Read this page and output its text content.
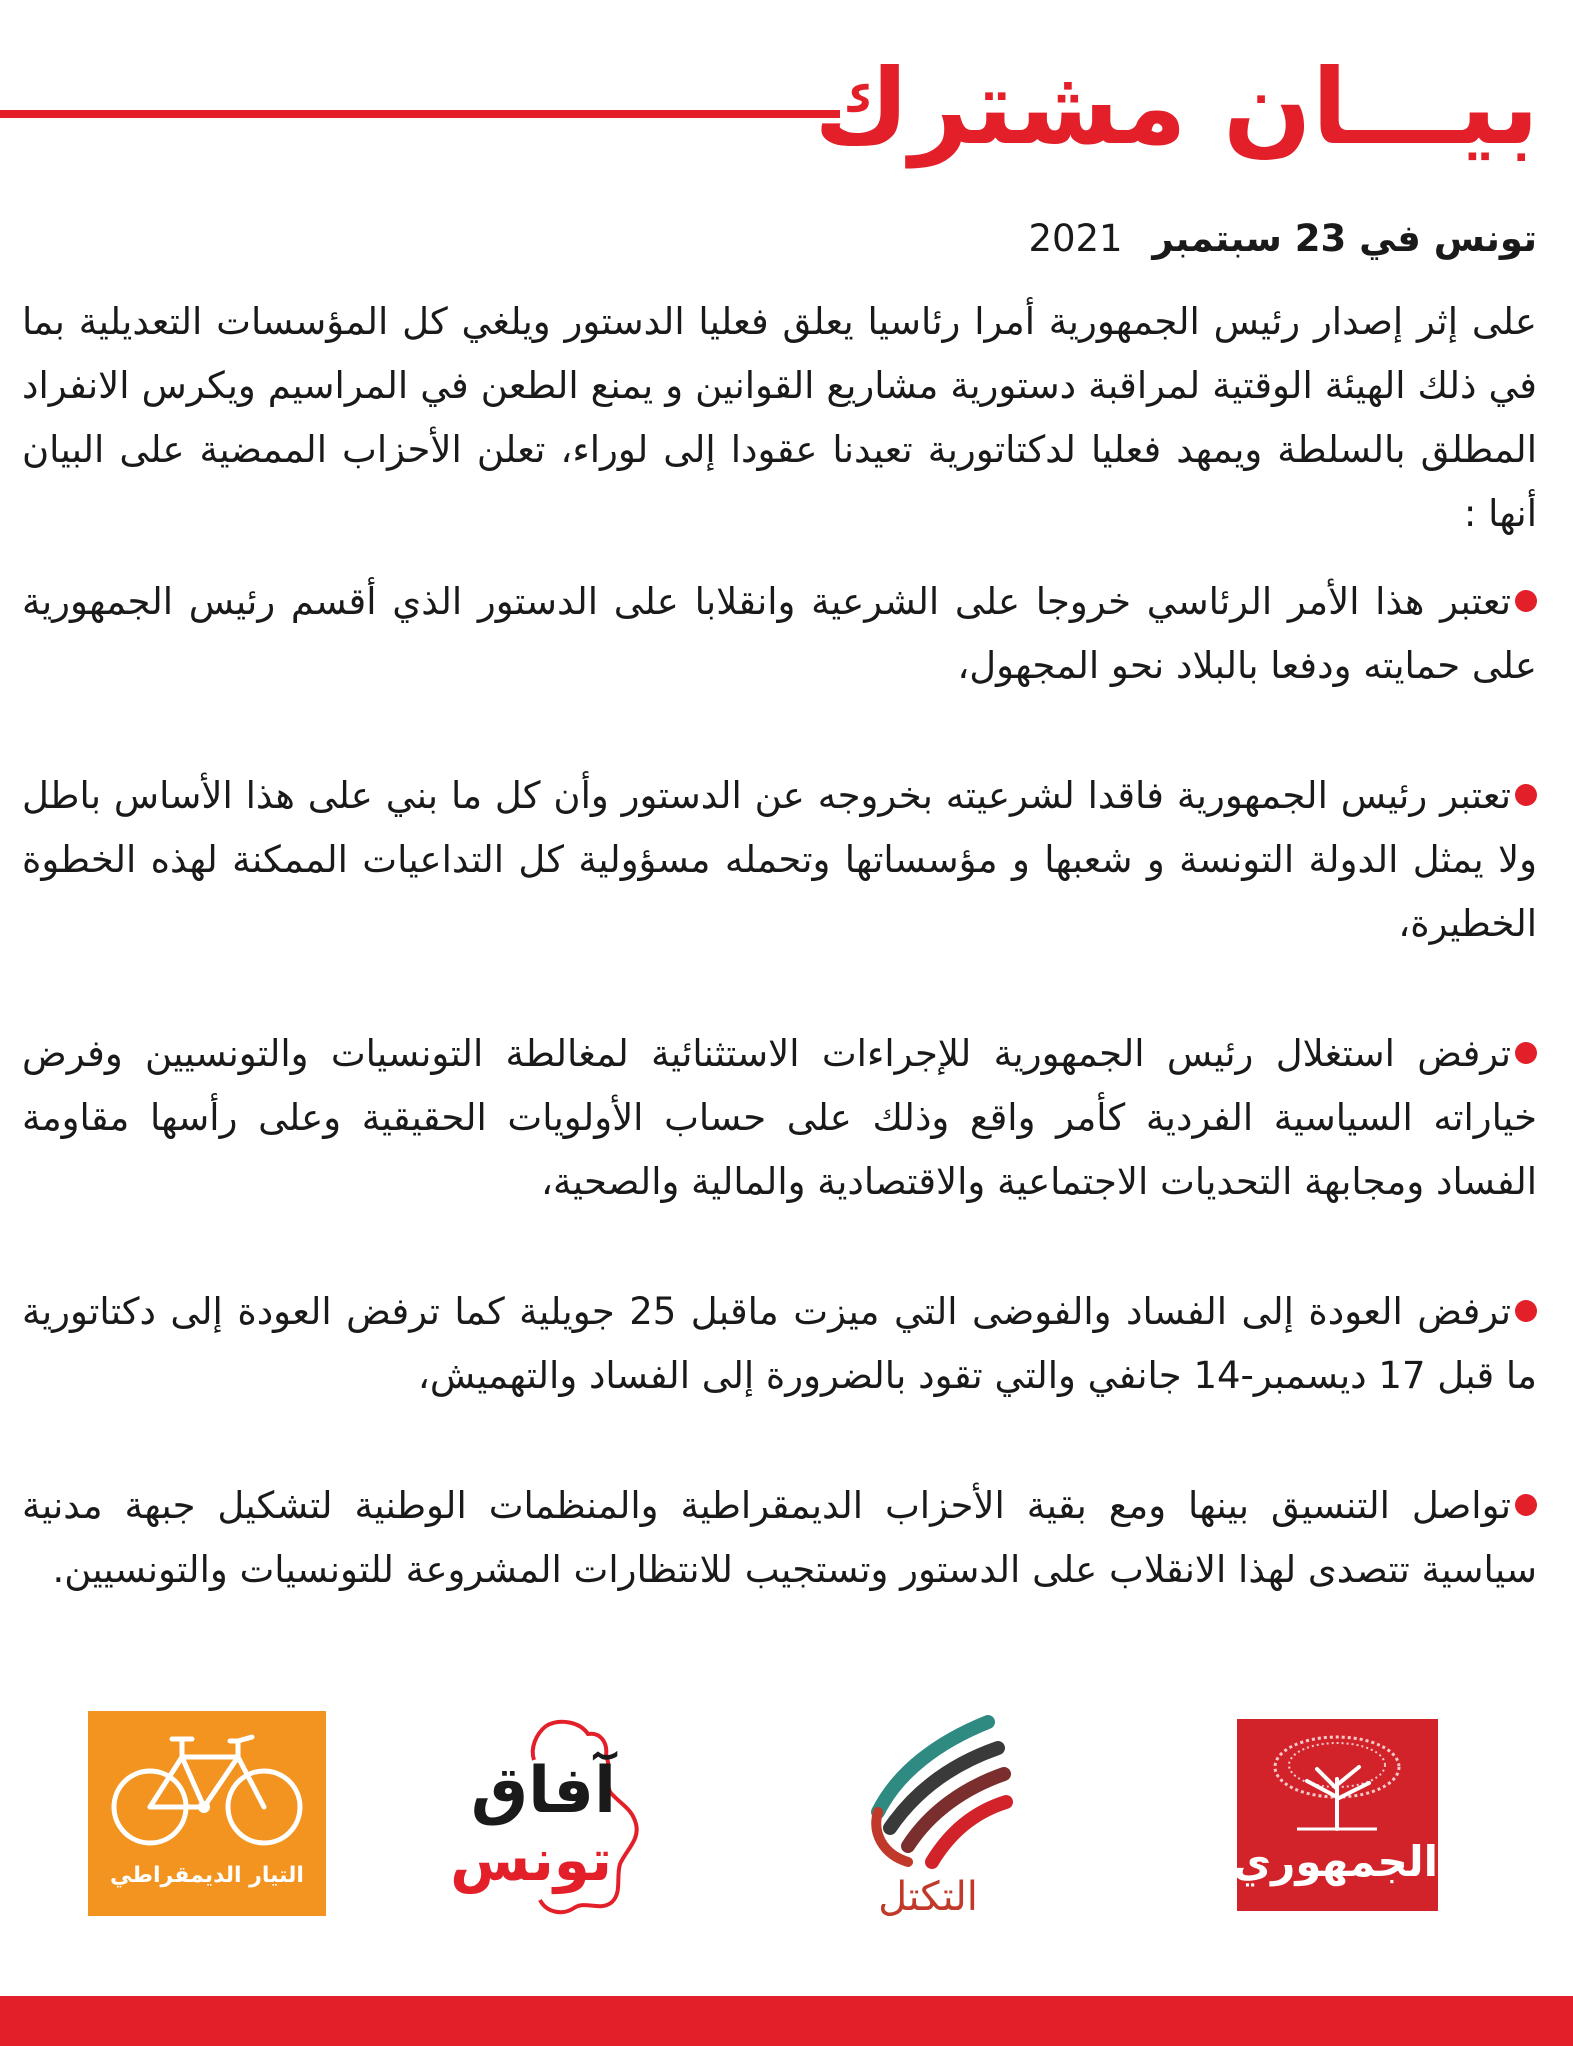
بيـــان مشترك
تونس في 23 سبتمبر 2021

على إثر إصدار رئيس الجمهورية أمرا رئاسيا يعلق فعليا الدستور ويلغي كل المؤسسات التعديلية بما في ذلك الهيئة الوقتية لمراقبة دستورية مشاريع القوانين و يمنع الطعن في المراسيم ويكرس الانفراد المطلق بالسلطة ويمهد فعليا لدكتاتورية تعيدنا عقودا إلى لوراء، تعلن الأحزاب الممضية على البيان أنها :

تعتبر هذا الأمر الرئاسي خروجا على الشرعية وانقلابا على الدستور الذي أقسم رئيس الجمهورية على حمايته ودفعا بالبلاد نحو المجهول،
تعتبر رئيس الجمهورية فاقدا لشرعيته بخروجه عن الدستور وأن كل ما بني على هذا الأساس باطل ولا يمثل الدولة التونسة و شعبها و مؤسساتها وتحمله مسؤولية كل التداعيات الممكنة لهذه الخطوة الخطيرة،
ترفض استغلال رئيس الجمهورية للإجراءات الاستثنائية لمغالطة التونسيات والتونسيين وفرض خياراته السياسية الفردية كأمر واقع وذلك على حساب الأولويات الحقيقية وعلى رأسها مقاومة الفساد ومجابهة التحديات الاجتماعية والاقتصادية والمالية والصحية،
ترفض العودة إلى الفساد والفوضى التي ميزت ماقبل 25 جويلية كما ترفض العودة إلى دكتاتورية ما قبل 17 ديسمبر-14 جانفي والتي تقود بالضرورة إلى الفساد والتهميش،
تواصل التنسيق بينها ومع بقية الأحزاب الديمقراطية والمنظمات الوطنية لتشكيل جبهة مدنية سياسية تتصدى لهذا الانقلاب على الدستور وتستجيب للانتظارات المشروعة للتونسيات والتونسيين.
التيار الديمقراطي
آفاق
تونس
التكتل
الجمهوري
